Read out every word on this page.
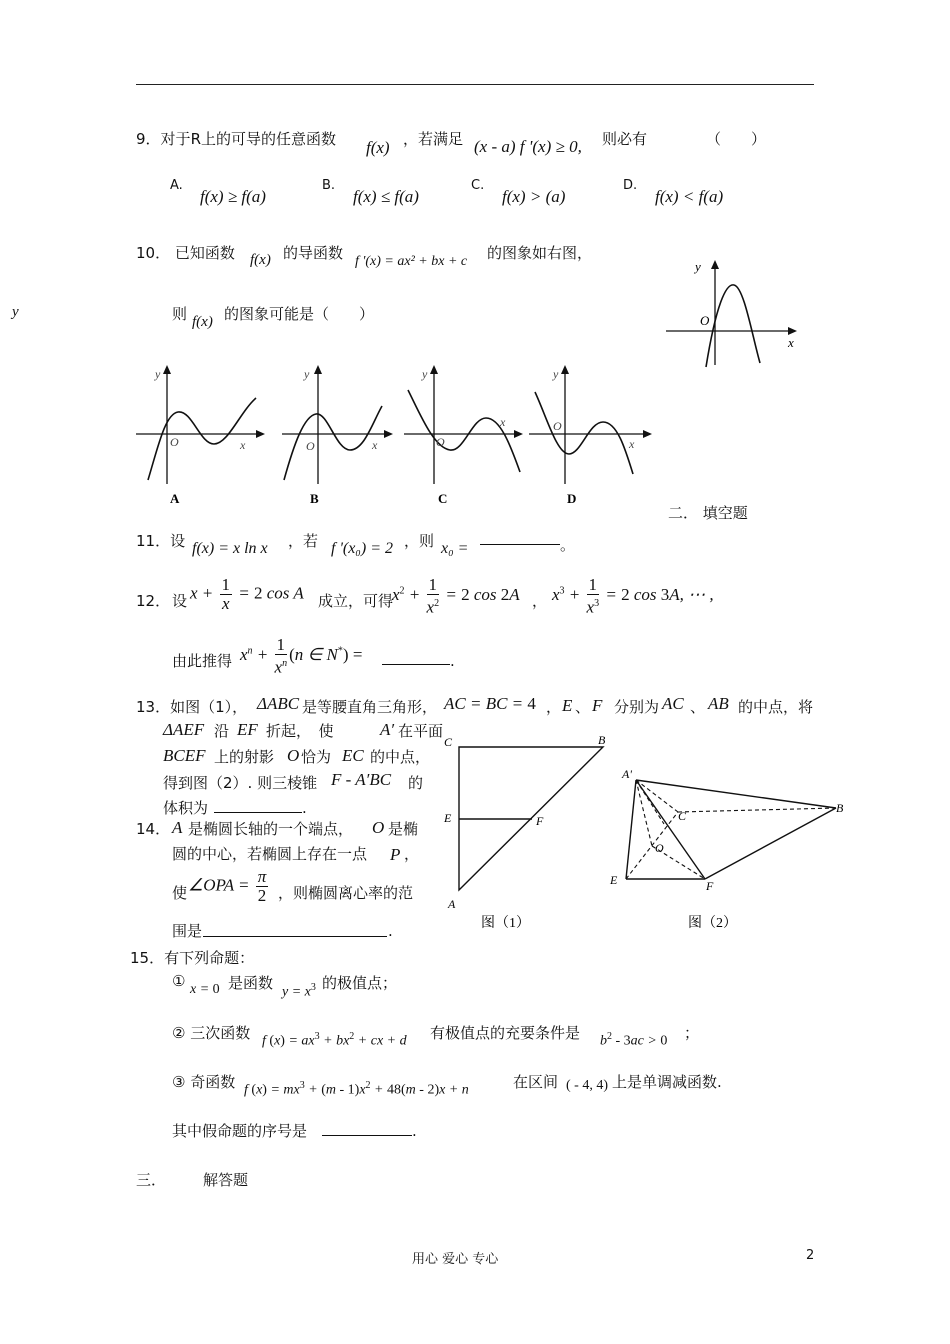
9．对于R上的可导的任意函数 f(x) ，若满足 (x - a) f '(x) ≥ 0, 则必有	（　　）
A.
f(x) ≥ f(a)
B.
f(x) ≤ f(a)
C.
f(x) > (a)
D.
f(x) < f(a)
10． 已知函数 f(x) 的导函数 f '(x) = ax² + bx + c 的图象如右图，
y	则 f(x) 的图象可能是（　　）
y
O
x
y
O	x
A
y
O	x
B
y
O
x
C
y
O
x
D
二． 填空题
11．设 f(x) = x ln x ，若 f '(x₀) = 2 ，则 x₀ =	。
12． 设 $x + \frac{1}{x} = 2$ cos A 成立，可得
$x^2 + \frac{1}{x^2} = 2$ cos 2A ， $x^3 + \frac{1}{x^3} = 2$ cos 3A, ⋯ ,
由此推得 $x^n + \frac{1}{x^n} (n$ ∈ N*) =	.
13．如图（1）， ΔABC 是等腰直角三角形， AC = BC = 4 ， E 、 F 分别为 AC 、 AB 的中点，将
ΔAEF 沿 EF 折起，　使	A′ 在平面
BCEF 上的射影 O 恰为 EC 的中点，
得到图（2）. 则三棱锥 F - A′BC 的
体积为	.
14． A 是椭圆长轴的一个端点， O 是椭
圆的中心，若椭圆上存在一点 P ，
使 ∠OPA = $\frac{\pi}{2}$ ，则椭圆离心率的范
围是	.
C	B
E	F
A
图（1）
A'
C
O
E	F
B
图（2）
15．有下列命题：
① x = 0 是函数
$y = x^3$ 的极值点；
② 三次函数 f $(x) = ax^3 + bx^2$ + cx + d 有极值点的充要条件是 $b^2 - 3ac > 0$ ；
③ 奇函数 f $(x) = mx^3 + (m - 1)x^2 + 48(m - 2)x + n$	在区间 ( - 4, 4) 上是单调减函数.
其中假命题的序号是	.
三． 解答题
用心 爱心 专心	2
